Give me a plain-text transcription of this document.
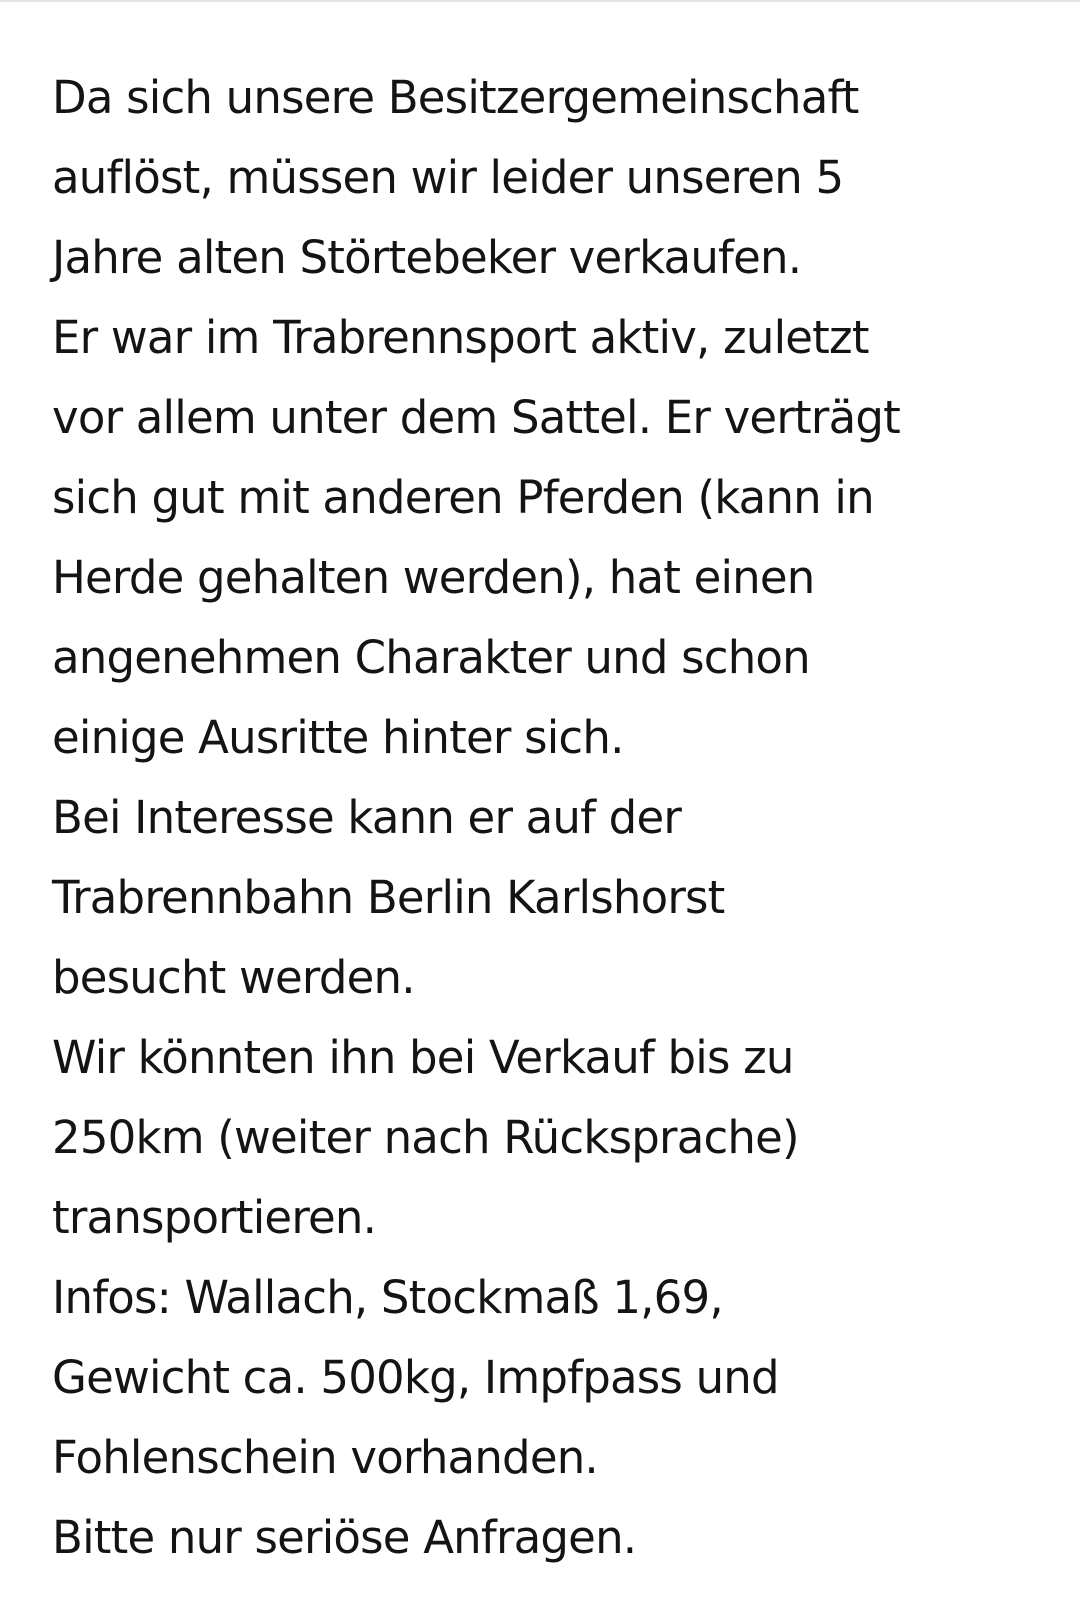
Da sich unsere Besitzergemeinschaft
auflöst, müssen wir leider unseren 5
Jahre alten Störtebeker verkaufen.
Er war im Trabrennsport aktiv, zuletzt
vor allem unter dem Sattel. Er verträgt
sich gut mit anderen Pferden (kann in
Herde gehalten werden), hat einen
angenehmen Charakter und schon
einige Ausritte hinter sich.
Bei Interesse kann er auf der
Trabrennbahn Berlin Karlshorst
besucht werden.
Wir könnten ihn bei Verkauf bis zu
250km (weiter nach Rücksprache)
transportieren.
Infos: Wallach, Stockmaß 1,69,
Gewicht ca. 500kg, Impfpass und
Fohlenschein vorhanden.
Bitte nur seriöse Anfragen.
